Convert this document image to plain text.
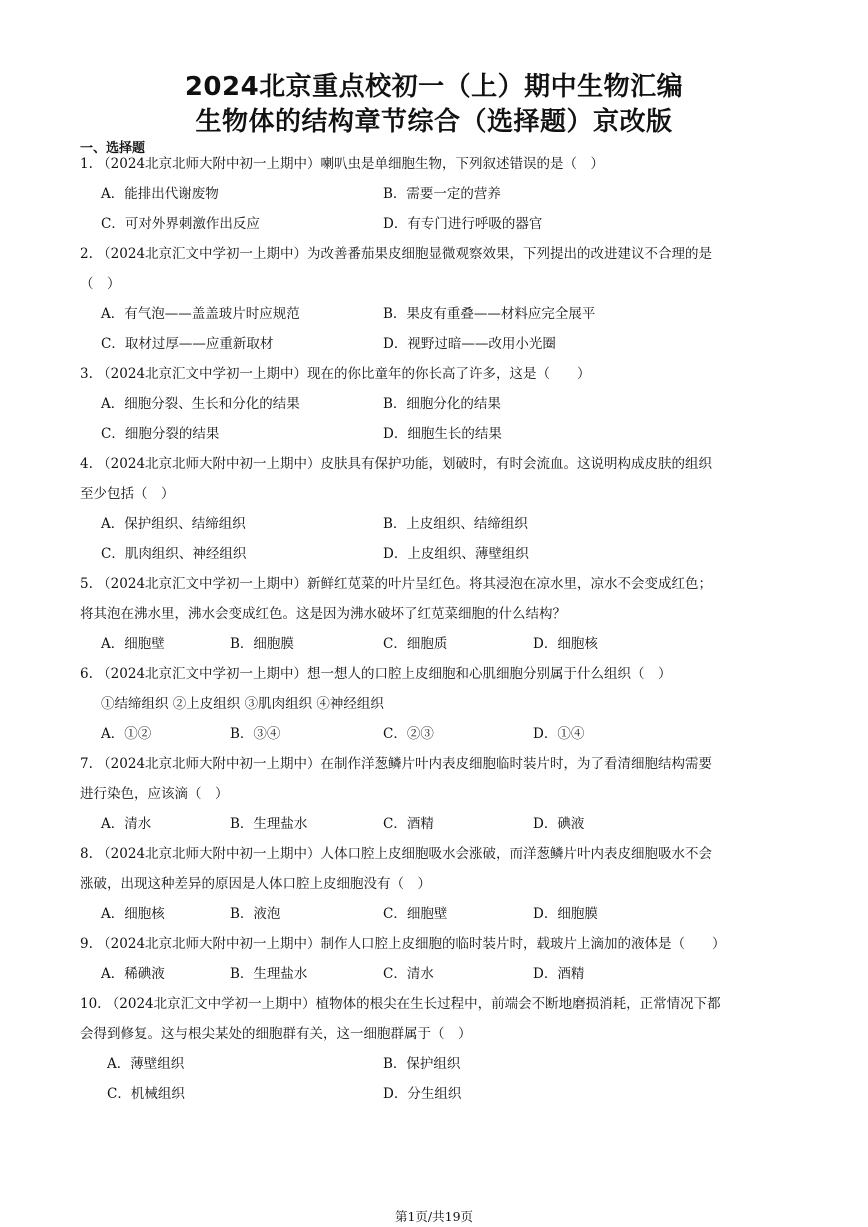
2024北京重点校初一（上）期中生物汇编
生物体的结构章节综合（选择题）京改版
一、选择题
1. （2024北京北师大附中初一上期中）喇叭虫是单细胞生物，下列叙述错误的是（　）
A．能排出代谢废物	B．需要一定的营养
C．可对外界刺激作出反应	D．有专门进行呼吸的器官
2. （2024北京汇文中学初一上期中）为改善番茄果皮细胞显微观察效果，下列提出的改进建议不合理的是
（　）
A．有气泡——盖盖玻片时应规范	B．果皮有重叠——材料应完全展平
C．取材过厚——应重新取材	D．视野过暗——改用小光圈
3. （2024北京汇文中学初一上期中）现在的你比童年的你长高了许多，这是（　　）
A．细胞分裂、生长和分化的结果	B．细胞分化的结果
C．细胞分裂的结果	D．细胞生长的结果
4. （2024北京北师大附中初一上期中）皮肤具有保护功能，划破时，有时会流血。这说明构成皮肤的组织
至少包括（　）
A．保护组织、结缔组织	B．上皮组织、结缔组织
C．肌肉组织、神经组织	D．上皮组织、薄壁组织
5. （2024北京汇文中学初一上期中）新鲜红苋菜的叶片呈红色。将其浸泡在凉水里，凉水不会变成红色；
将其泡在沸水里，沸水会变成红色。这是因为沸水破坏了红苋菜细胞的什么结构？
A．细胞壁	B．细胞膜	C．细胞质	D．细胞核
6. （2024北京汇文中学初一上期中）想一想人的口腔上皮细胞和心肌细胞分别属于什么组织（　）
①结缔组织 ②上皮组织 ③肌肉组织 ④神经组织
A．①②	B．③④	C．②③	D．①④
7. （2024北京北师大附中初一上期中）在制作洋葱鳞片叶内表皮细胞临时装片时，为了看清细胞结构需要
进行染色，应该滴（　）
A．清水	B．生理盐水	C．酒精	D．碘液
8. （2024北京北师大附中初一上期中）人体口腔上皮细胞吸水会涨破，而洋葱鳞片叶内表皮细胞吸水不会
涨破，出现这种差异的原因是人体口腔上皮细胞没有（　）
A．细胞核	B．液泡	C．细胞壁	D．细胞膜
9. （2024北京北师大附中初一上期中）制作人口腔上皮细胞的临时装片时，载玻片上滴加的液体是（　　）
A．稀碘液	B．生理盐水	C．清水	D．酒精
10. （2024北京汇文中学初一上期中）植物体的根尖在生长过程中，前端会不断地磨损消耗，正常情况下都
会得到修复。这与根尖某处的细胞群有关，这一细胞群属于（　）
A．薄壁组织	B．保护组织
C．机械组织	D．分生组织
第1页/共19页
